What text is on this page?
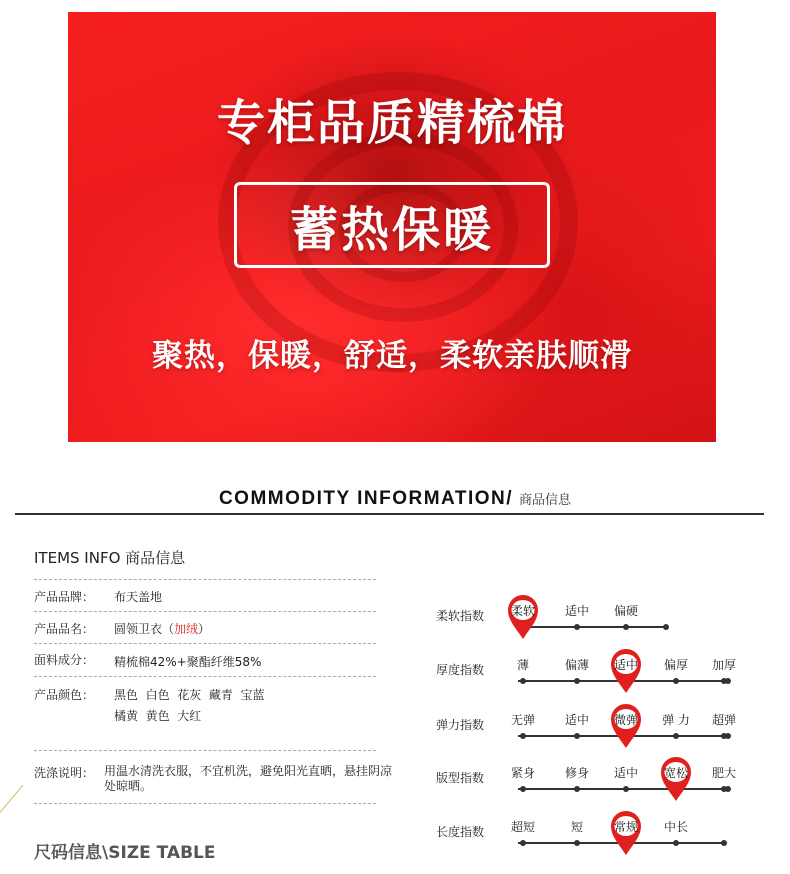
专柜品质精梳棉
蓄热保暖
聚热，保暖，舒适，柔软亲肤顺滑
COMMODITY INFORMATION/ 商品信息
ITEMS INFO 商品信息
产品品牌： 布天盖地
产品品名： 圆领卫衣（加绒）
面料成分： 精梳棉42%+聚酯纤维58%
产品颜色： 黑色  白色  花灰  藏青  宝蓝
橘黄  黄色  大红
洗涤说明： 用温水清洗衣服，不宜机洗，避免阳光直晒，悬挂阴凉处晾晒。
尺码信息\SIZE TABLE
柔软指数	柔软	适中 偏硬
厚度指数	薄	偏薄	适中	偏厚 加厚
弹力指数 无弹 适中	微弹	弹 力 超弹
版型指数 紧身 修身 适中	宽松	肥大
长度指数 超短	短	常规	中长
